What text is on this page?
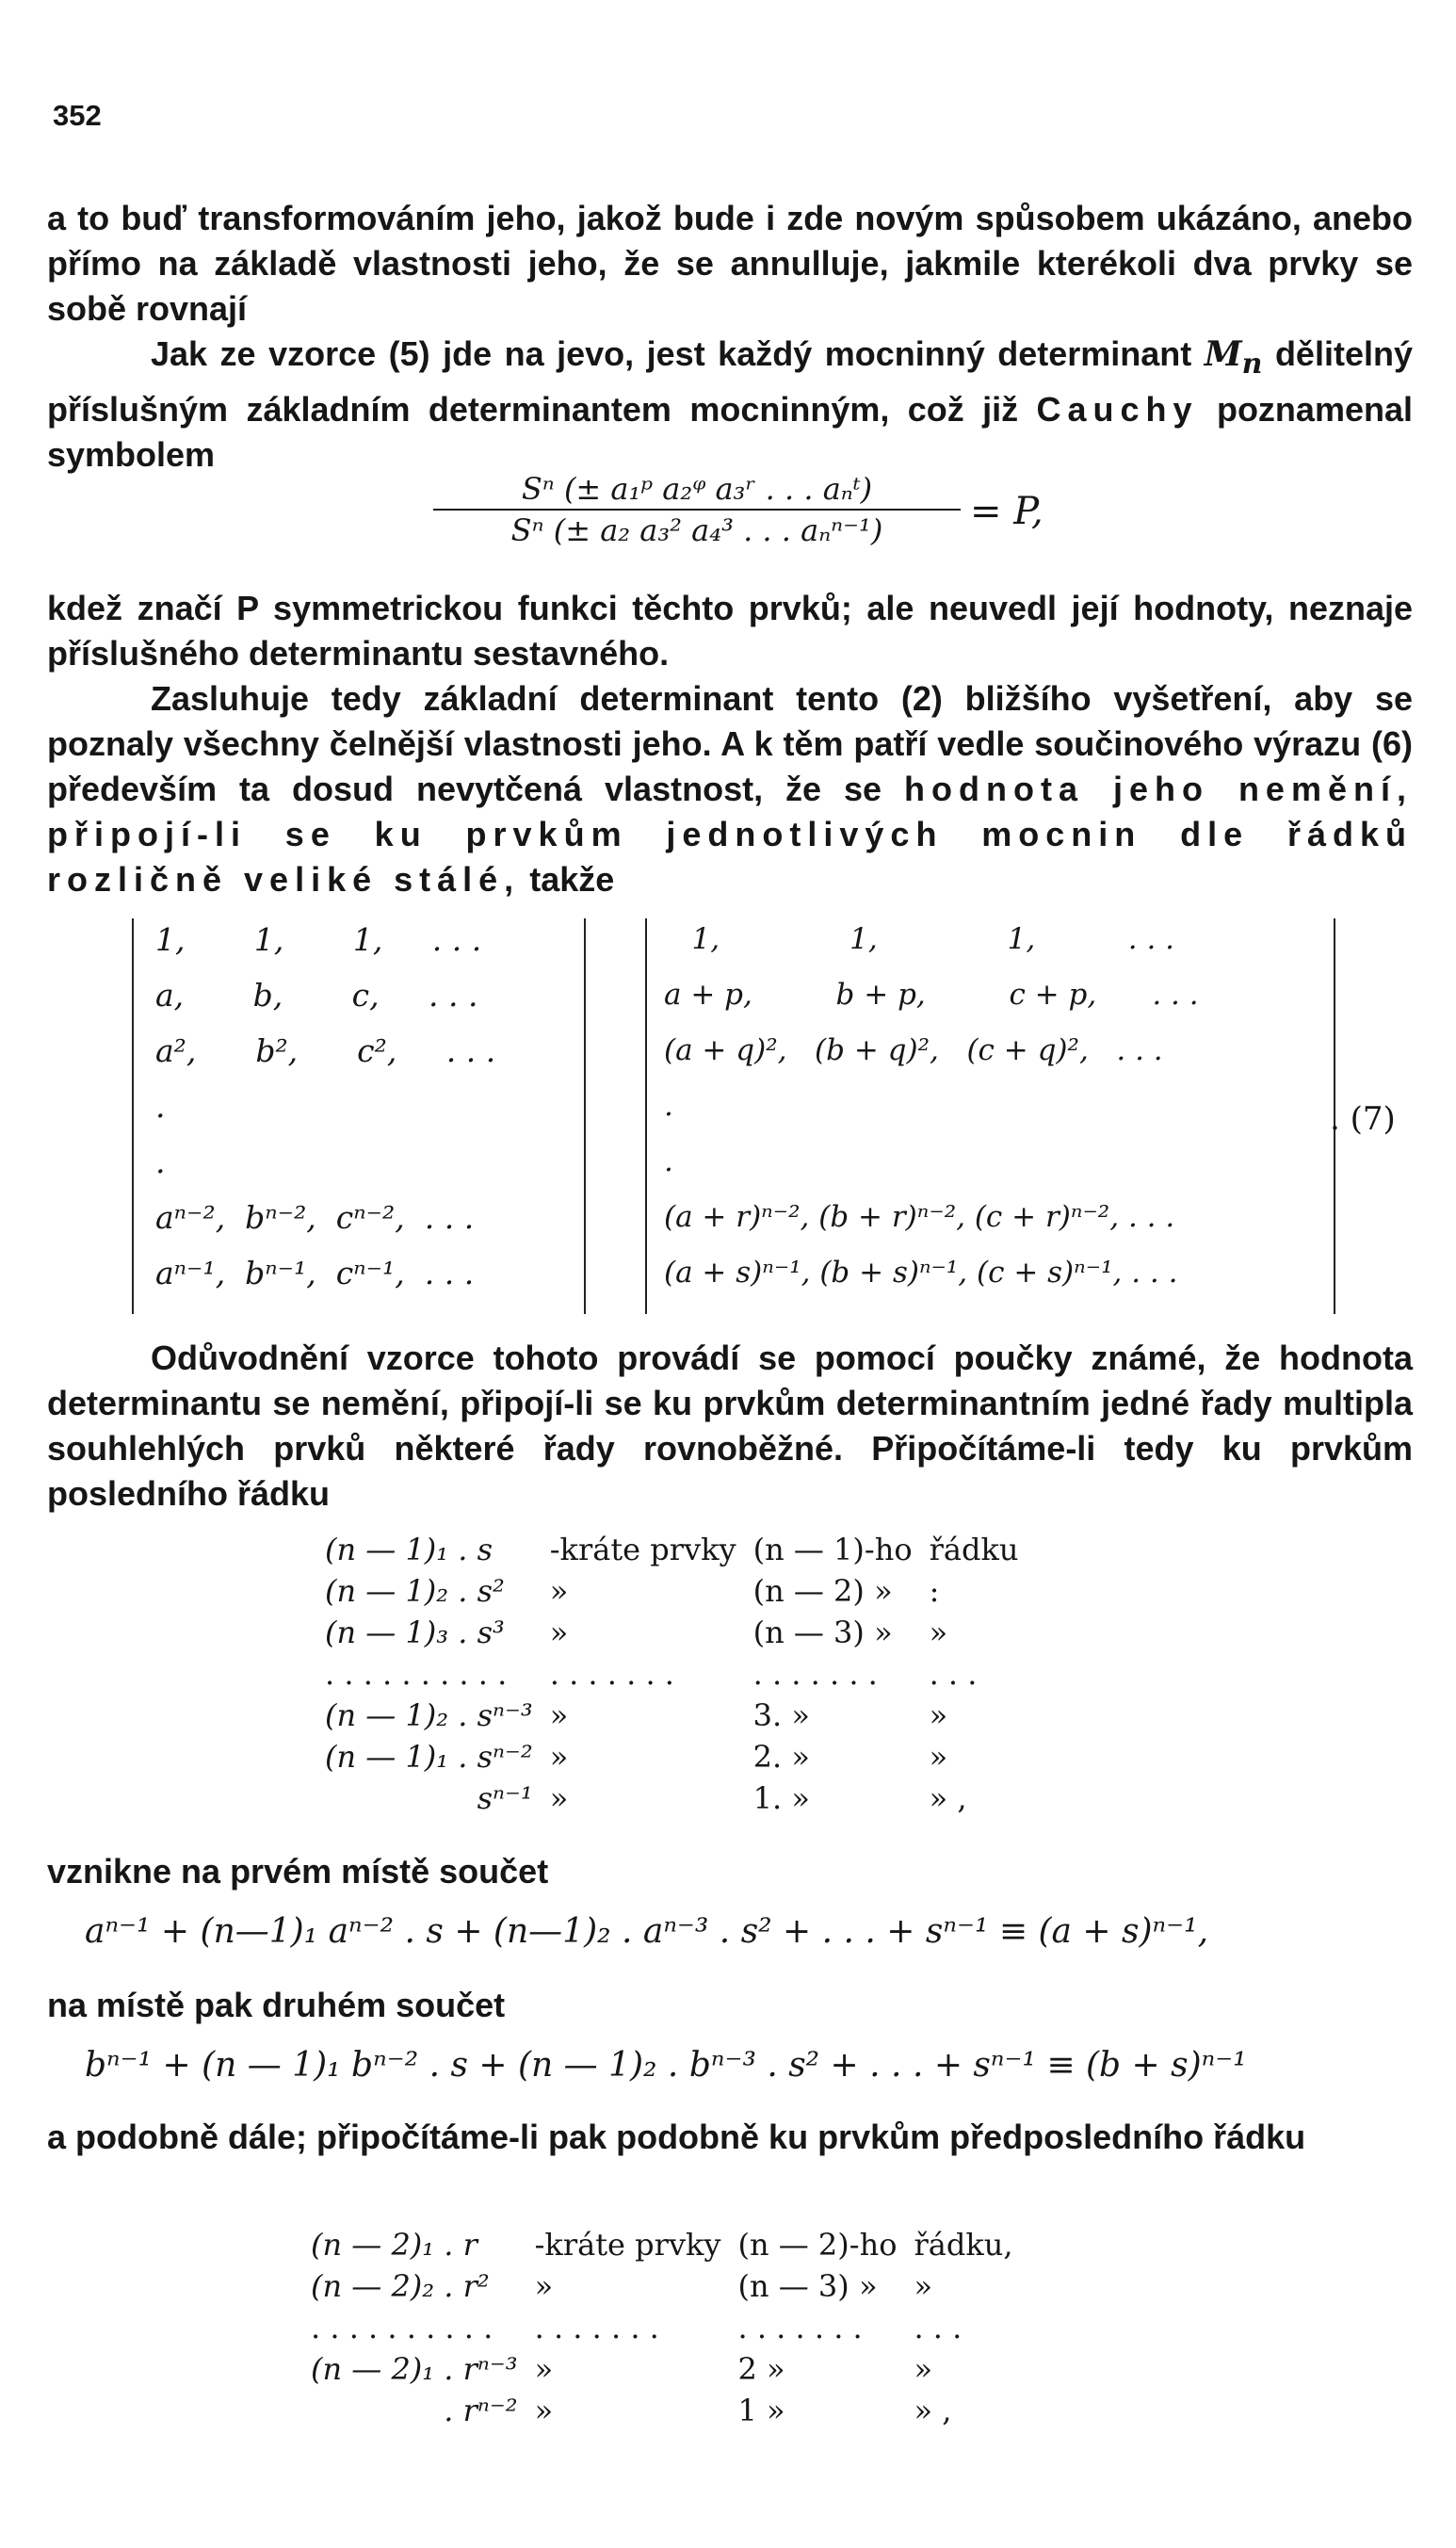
352

a to buď transformováním jeho, jakož bude i zde novým spůsobem ukázáno, anebo přímo na základě vlastnosti jeho, že se annulluje, jakmile kterékoli dva prvky se sobě rovnají

Jak ze vzorce (5) jde na jevo, jest každý mocninný determinant $M_n$ dělitelný příslušným základním determinantem mocninným, což již Cauchy poznamenal symbolem

Sⁿ (± a₁ᵖ a₂ᵠ a₃ʳ . . . aₙᵗ)
Sⁿ (± a₂ a₃² a₄³ . . . aₙⁿ⁻¹)	= P,

kdež značí P symmetrickou funkci těchto prvků; ale neuvedl její hodnoty, neznaje příslušného determinantu sestavného.

Zasluhuje tedy základní determinant tento (2) bližšího vyšetření, aby se poznaly všechny čelnější vlastnosti jeho. A k těm patří vedle součinového výrazu (6) především ta dosud nevytčená vlastnost, že se hodnota jeho nemění, připojí-li se ku prvkům jednotlivých mocnin dle řádků rozličně veliké stálé, takže

1,       1,       1,     . . .
a,       b,       c,     . . .
a²,      b²,      c²,     . . .
.
.
aⁿ⁻²,  bⁿ⁻²,  cⁿ⁻²,  . . .
aⁿ⁻¹,  bⁿ⁻¹,  cⁿ⁻¹,  . . .
1,              1,              1,          . . .
a + p,         b + p,         c + p,      . . .
(a + q)²,   (b + q)²,   (c + q)²,   . . .
.
.
(a + r)ⁿ⁻², (b + r)ⁿ⁻², (c + r)ⁿ⁻², . . .
(a + s)ⁿ⁻¹, (b + s)ⁿ⁻¹, (c + s)ⁿ⁻¹, . . .
. (7)

Odůvodnění vzorce tohoto provádí se pomocí poučky známé, že hodnota determinantu se nemění, připojí-li se ku prvkům determinantním jedné řady multipla souhlehlých prvků některé řady rovnoběžné. Připočítáme-li tedy ku prvkům posledního řádku

(n — 1)₁ . s	-kráte prvky	(n — 1)-ho	řádku
(n — 1)₂ . s²	»	(n — 2) »	:
(n — 1)₃ . s³	»	(n — 3) »	»
. . . . . . . . . .	. . . . . . .	. . . . . . .	. . .
(n — 1)₂ . sⁿ⁻³	»	3. »	»
(n — 1)₁ . sⁿ⁻²	»	2. »	»
sⁿ⁻¹	»	1. »	» ,

vznikne na prvém místě součet

aⁿ⁻¹ + (n—1)₁ aⁿ⁻² . s + (n—1)₂ . aⁿ⁻³ . s² + . . . + sⁿ⁻¹ ≡ (a + s)ⁿ⁻¹,

na místě pak druhém součet

bⁿ⁻¹ + (n — 1)₁ bⁿ⁻² . s + (n — 1)₂ . bⁿ⁻³ . s² + . . . + sⁿ⁻¹ ≡ (b + s)ⁿ⁻¹

a podobně dále; připočítáme-li pak podobně ku prvkům předposledního řádku

(n — 2)₁ . r	-kráte prvky	(n — 2)-ho	řádku,
(n — 2)₂ . r²	»	(n — 3) »	»
. . . . . . . . . .	. . . . . . .	. . . . . . .	. . .
(n — 2)₁ . rⁿ⁻³	»	2 »	»
. rⁿ⁻²	»	1 »	» ,
